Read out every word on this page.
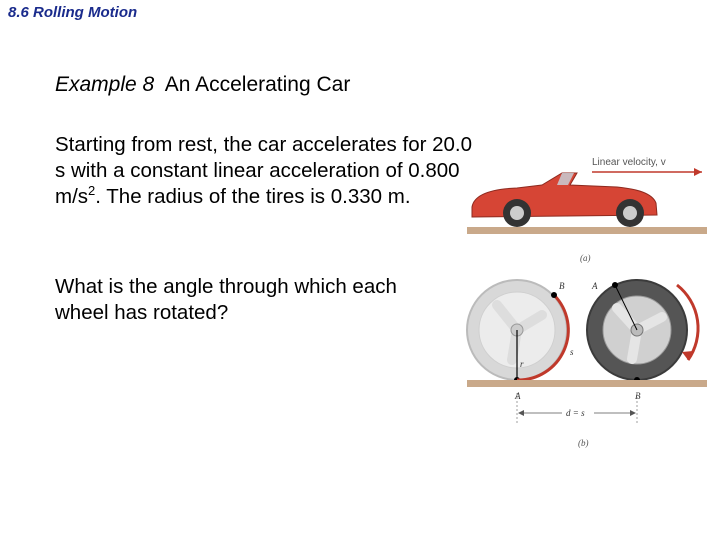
8.6 Rolling Motion
Example 8 An Accelerating Car
Starting from rest, the car accelerates for 20.0 s with a constant linear acceleration of 0.800 $m/s^2$. The radius of the tires is 0.330 m.
What is the angle through which each wheel has rotated?
Linear velocity, v
(a)
B	A
r
s
A	B
d = s
(b)
